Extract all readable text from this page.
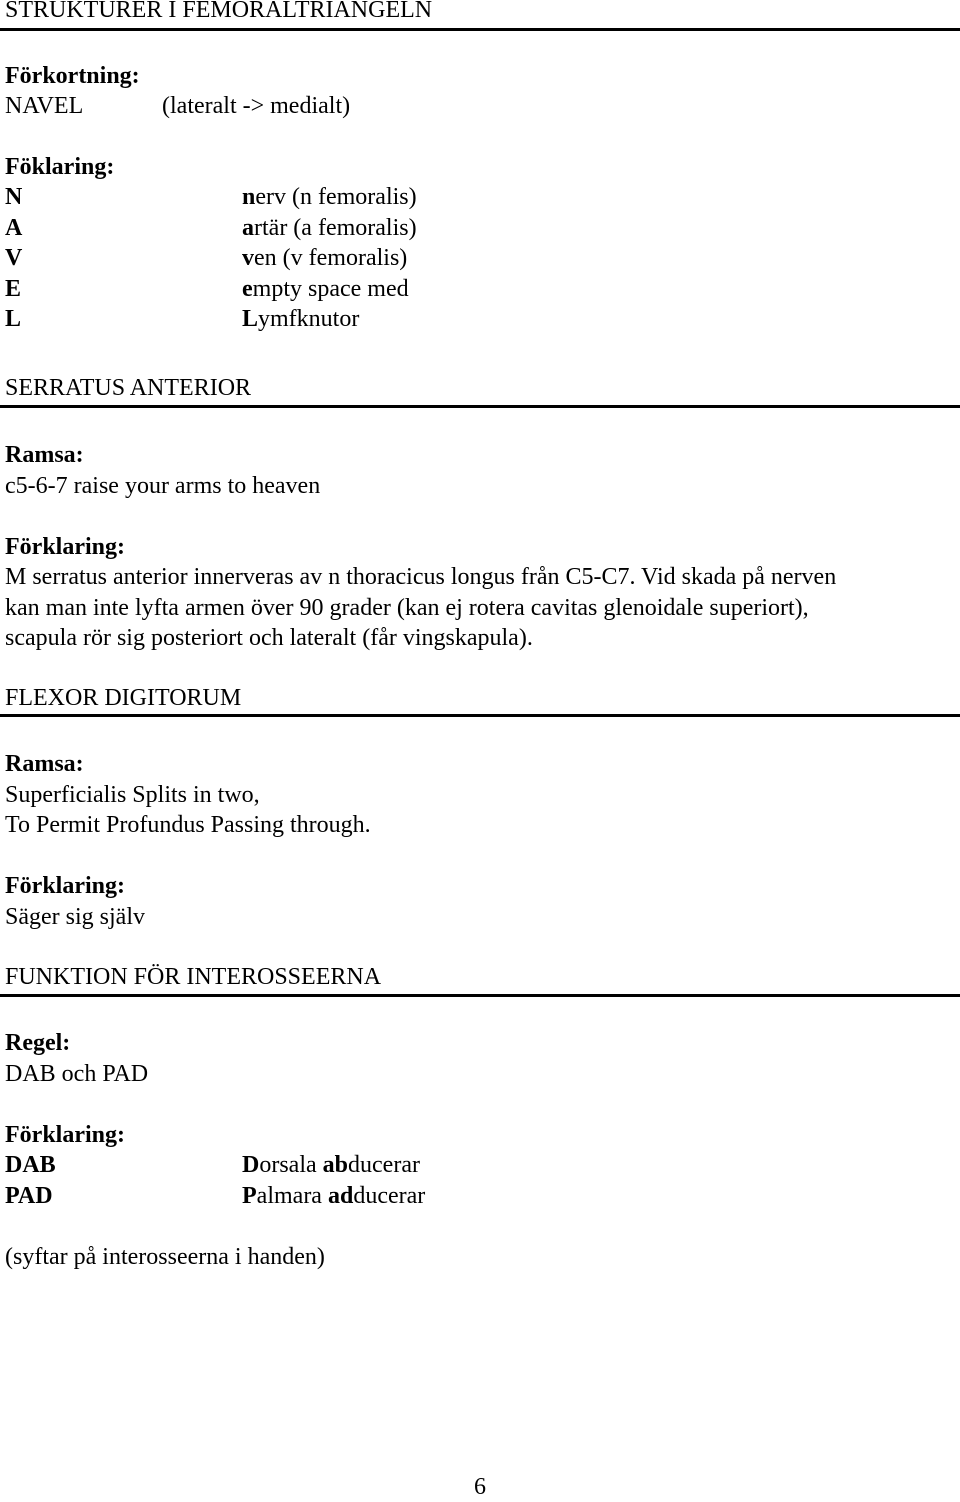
STRUKTURER I FEMORALTRIANGELN
Förkortning:
NAVEL	(lateralt -> medialt)
Föklaring:
N	nerv (n femoralis)
A	artär (a femoralis)
V	ven (v femoralis)
E	empty space med
L	Lymfknutor
SERRATUS ANTERIOR
Ramsa:
c5-6-7 raise your arms to heaven
Förklaring:
M serratus anterior innerveras av n thoracicus longus från C5-C7. Vid skada på nerven
kan man inte lyfta armen över 90 grader (kan ej rotera cavitas glenoidale superiort),
scapula rör sig posteriort och lateralt (får vingskapula).
FLEXOR DIGITORUM
Ramsa:
Superficialis Splits in two,
To Permit Profundus Passing through.
Förklaring:
Säger sig själv
FUNKTION FÖR INTEROSSEERNA
Regel:
DAB och PAD
Förklaring:
DAB	Dorsala abducerar
PAD	Palmara adducerar
(syftar på interosseerna i handen)
6
